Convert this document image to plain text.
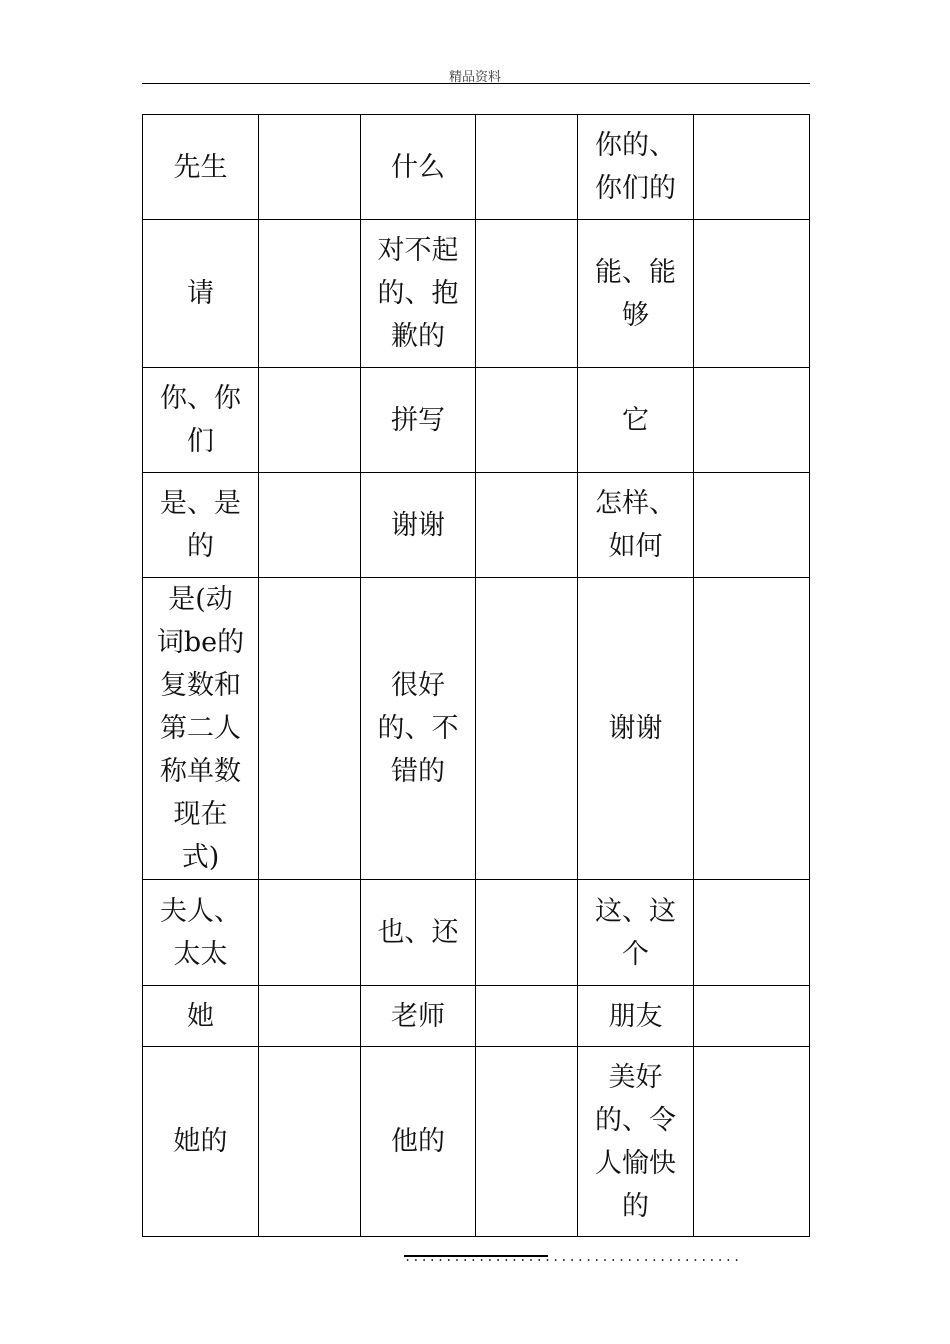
精品资料
先生		什么		你的、你们的	

请		对不起的、抱歉的		能、能够	

你、你们		拼写		它	

是、是的		谢谢		怎样、如何	

是(动词be的复数和第二人称单数现在式)		很好的、不错的		谢谢	

夫人、太太		也、还		这、这个	

她		老师		朋友	

她的		他的		美好的、令人愉快的	

.........................................
